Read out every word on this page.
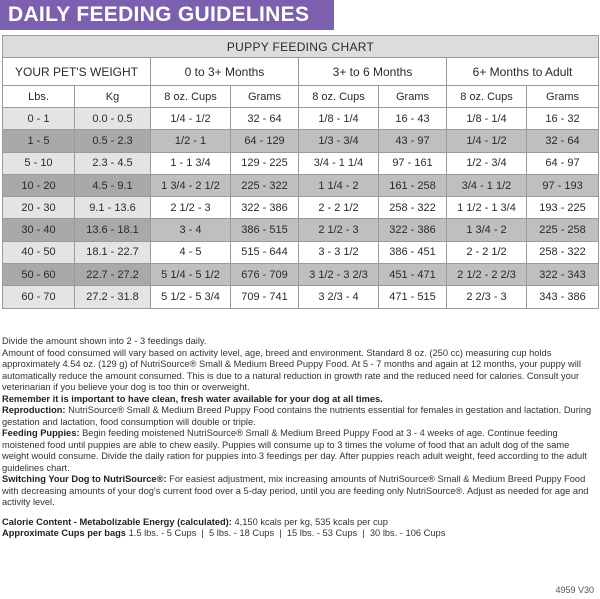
DAILY FEEDING GUIDELINES
PUPPY FEEDING CHART							
YOUR PET'S WEIGHT		0 to 3+ Months		3+ to 6 Months		6+ Months to Adult	
Lbs.	Kg	8 oz. Cups	Grams	8 oz. Cups	Grams	8 oz. Cups	Grams
0 - 1	0.0 - 0.5	1/4 - 1/2	32 - 64	1/8 - 1/4	16 - 43	1/8 - 1/4	16 - 32
1 - 5	0.5 - 2.3	1/2 - 1	64 - 129	1/3 - 3/4	43 - 97	1/4 - 1/2	32 - 64
5 - 10	2.3 - 4.5	1 - 1 3/4	129 - 225	3/4 - 1 1/4	97 - 161	1/2 - 3/4	64 - 97
10 - 20	4.5 - 9.1	1 3/4 - 2 1/2	225 - 322	1 1/4 - 2	161 - 258	3/4 - 1 1/2	97 - 193
20 - 30	9.1 - 13.6	2 1/2 - 3	322 - 386	2 - 2 1/2	258 - 322	1 1/2 - 1 3/4	193 - 225
30 - 40	13.6 - 18.1	3 - 4	386 - 515	2 1/2 - 3	322 - 386	1 3/4 - 2	225 - 258
40 - 50	18.1 - 22.7	4 - 5	515 - 644	3 - 3 1/2	386 - 451	2 - 2 1/2	258 - 322
50 - 60	22.7 - 27.2	5 1/4 - 5 1/2	676 - 709	3 1/2 - 3 2/3	451 - 471	2 1/2 - 2 2/3	322 - 343
60 - 70	27.2 - 31.8	5 1/2 - 5 3/4	709 - 741	3 2/3 - 4	471 - 515	2 2/3 - 3	343 - 386

Divide the amount shown into 2 - 3 feedings daily.

Amount of food consumed will vary based on activity level, age, breed and environment. Standard 8 oz. (250 cc) measuring cup holds approximately 4.54 oz. (129 g) of NutriSource® Small & Medium Breed Puppy Food. At 5 - 7 months and again at 12 months, your puppy will automatically reduce the amount consumed. This is due to a natural reduction in growth rate and the reduced need for calories. Consult your veterinarian if you believe your dog is too thin or overweight.

Remember it is important to have clean, fresh water available for your dog at all times.

Reproduction: NutriSource® Small & Medium Breed Puppy Food contains the nutrients essential for females in gestation and lactation. During gestation and lactation, food consumption will double or triple.

Feeding Puppies: Begin feeding moistened NutriSource® Small & Medium Breed Puppy Food at 3 - 4 weeks of age. Continue feeding moistened food until puppies are able to chew easily. Puppies will consume up to 3 times the volume of food that an adult dog of the same weight would consume. Divide the daily ration for puppies into 3 feedings per day. After puppies reach adult weight, feed according to the adult guidelines chart.

Switching Your Dog to NutriSource®: For easiest adjustment, mix increasing amounts of NutriSource® Small & Medium Breed Puppy Food with decreasing amounts of your dog's current food over a 5-day period, until you are feeding only NutriSource®. Adjust as needed for age and activity level.

Calorie Content - Metabolizable Energy (calculated): 4,150 kcals per kg, 535 kcals per cup

Approximate Cups per bags 1.5 lbs. - 5 Cups  |  5 lbs. - 18 Cups  |  15 lbs. - 53 Cups  |  30 lbs. - 106 Cups

4959 V30
